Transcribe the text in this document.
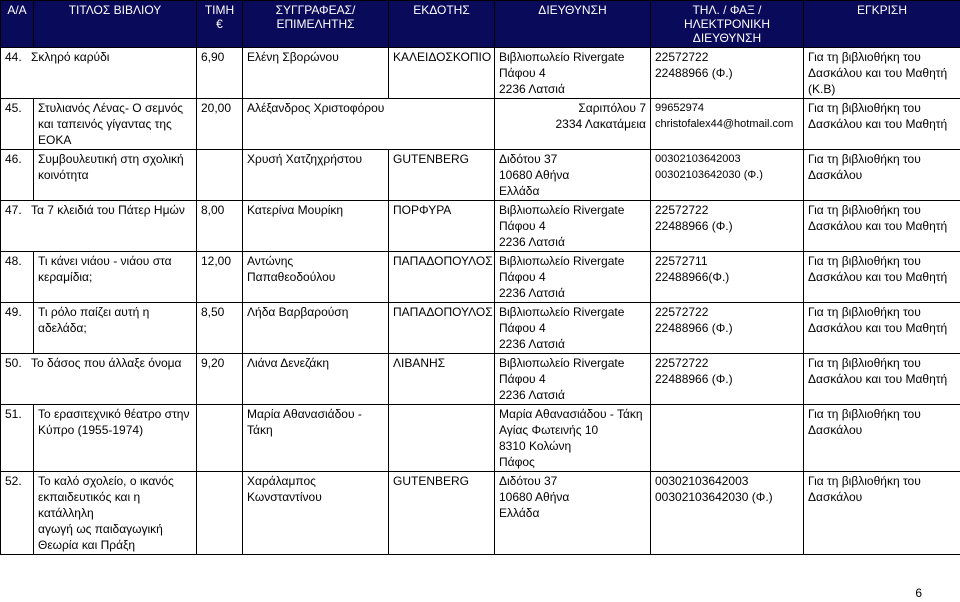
Α/Α	ΤΙΤΛΟΣ ΒΙΒΛΙΟΥ	ΤΙΜΗ
€	ΣΥΓΓΡΑΦΕΑΣ/
ΕΠΙΜΕΛΗΤΗΣ	ΕΚΔΟΤΗΣ	ΔΙΕΥΘΥΝΣΗ	ΤΗΛ. / ΦΑΞ /
ΗΛΕΚΤΡΟΝΙΚΗ
ΔΙΕΥΘΥΝΣΗ	ΕΓΚΡΙΣΗ
44. Σκληρό καρύδι		6,90	Ελένη Σβορώνου	ΚΑΛΕΙΔΟΣΚΟΠΙΟ	Βιβλιοπωλείο Rivergate
Πάφου 4
2236 Λατσιά	22572722
22488966 (Φ.)	Για τη βιβλιοθήκη του
Δασκάλου και του Μαθητή
(Κ.Β)
45.	Στυλιανός Λένας- Ο σεμνός
και ταπεινός γίγαντας της
ΕΟΚΑ	20,00	Αλέξανδρος Χριστοφόρου		Σαριπόλου 7
2334 Λακατάμεια	99652974
christofalex44@hotmail.com	Για τη βιβλιοθήκη του
Δασκάλου και του Μαθητή
46.	Συμβουλευτική στη σχολική
κοινότητα		Χρυσή Χατζηχρήστου	GUTENBERG	Διδότου 37
10680 Αθήνα
Ελλάδα	00302103642003
00302103642030 (Φ.)	Για τη βιβλιοθήκη του
Δασκάλου
47. Τα 7 κλειδιά του Πάτερ Ημών		8,00	Κατερίνα Μουρίκη	ΠΟΡΦΥΡΑ	Βιβλιοπωλείο Rivergate
Πάφου 4
2236 Λατσιά	22572722
22488966 (Φ.)	Για τη βιβλιοθήκη του
Δασκάλου και του Μαθητή
48.	Τι κάνει νιάου - νιάου στα
κεραμίδια;	12,00	Αντώνης Παπαθεοδούλου	ΠΑΠΑΔΟΠΟΥΛΟΣ	Βιβλιοπωλείο Rivergate
Πάφου 4
2236 Λατσιά	22572711
22488966(Φ.)	Για τη βιβλιοθήκη του
Δασκάλου και του Μαθητή
49.	Τι ρόλο παίζει αυτή η
αδελάδα;	8,50	Λήδα Βαρβαρούση	ΠΑΠΑΔΟΠΟΥΛΟΣ	Βιβλιοπωλείο Rivergate
Πάφου 4
2236 Λατσιά	22572722
22488966 (Φ.)	Για τη βιβλιοθήκη του
Δασκάλου και του Μαθητή
50. Το δάσος που άλλαξε όνομα		9,20	Λιάνα Δενεζάκη	ΛΙΒΑΝΗΣ	Βιβλιοπωλείο Rivergate
Πάφου 4
2236 Λατσιά	22572722
22488966 (Φ.)	Για τη βιβλιοθήκη του
Δασκάλου και του Μαθητή
51.	Το ερασιτεχνικό θέατρο στην
Κύπρο (1955-1974)		Μαρία Αθανασιάδου -
Τάκη		Μαρία Αθανασιάδου - Τάκη
Αγίας Φωτεινής 10
8310 Κολώνη
Πάφος		Για τη βιβλιοθήκη του
Δασκάλου
52.	Το καλό σχολείο, ο ικανός
εκπαιδευτικός και η κατάλληλη
αγωγή ως παιδαγωγική
Θεωρία και Πράξη		Χαράλαμπος Κωνσταντίνου	GUTENBERG	Διδότου 37
10680 Αθήνα
Ελλάδα	00302103642003
00302103642030 (Φ.)	Για τη βιβλιοθήκη του
Δασκάλου
6
